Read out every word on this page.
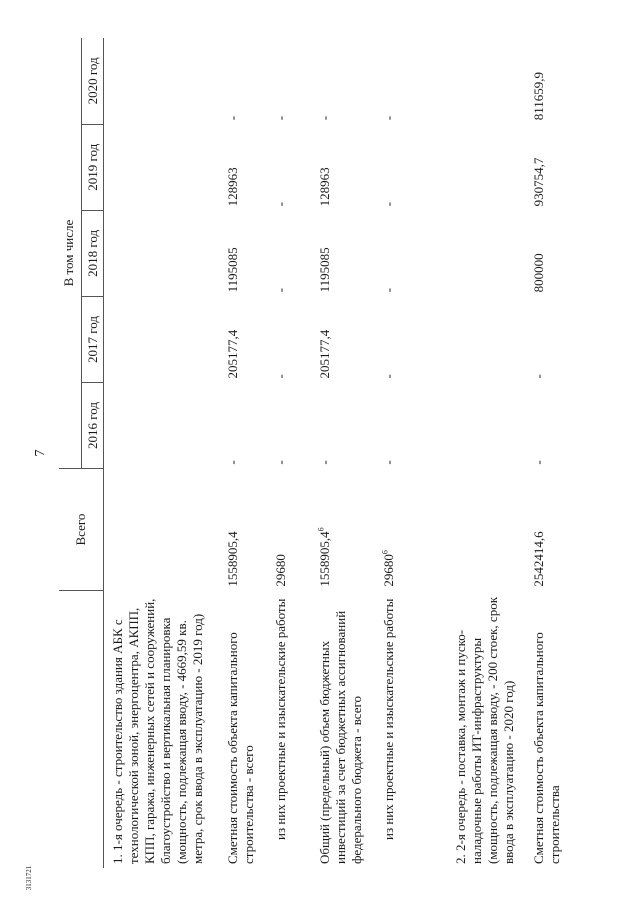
7
3131721
	Всего	В том числе				
		2016 год	2017 год	2018 год	2019 год	2020 год
1. 1-я очередь - строительство здания АБК с технологической зоной, энергоцентра, АКПП, КПП, гаража, инженерных сетей и сооружений, благоустройство и вертикальная планировка (мощность, подлежащая вводу, - 4669,59 кв. метра, срок ввода в эксплуатацию - 2019 год)						
Сметная стоимость объекта капитального строительства - всего	1558905,4	-	205177,4	1195085	128963	-
из них проектные и изыскательские работы	29680	-	-	-	-	-
Общий (предельный) объем бюджетных инвестиций за счет бюджетных ассигнований федерального бюджета - всего	1558905,4$^6$	-	205177,4	1195085	128963	-
из них проектные и изыскательские работы	29680$^6$	-	-	-	-	-
2. 2-я очередь - поставка, монтаж и пуско-наладочные работы ИТ-инфраструктуры (мощность, подлежащая вводу, - 200 стоек, срок ввода в эксплуатацию - 2020 год)						
Сметная стоимость объекта капитального строительства	2542414,6	-	-	800000	930754,7	811659,9
